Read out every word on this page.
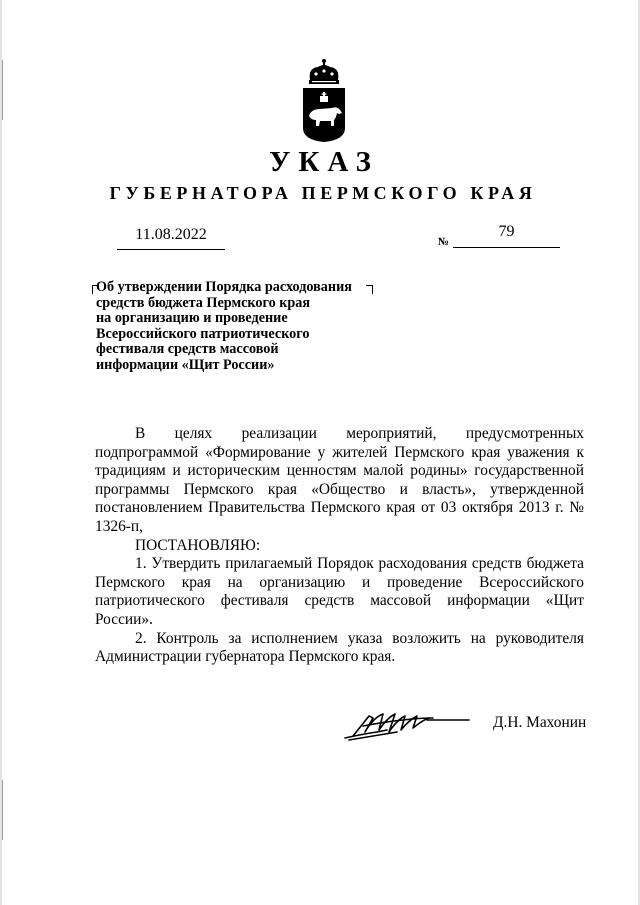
УКАЗ
ГУБЕРНАТОРА ПЕРМСКОГО КРАЯ
11.08.2022	№
79
Об утверждении Порядка расходования
средств бюджета Пермского края
на организацию и проведение
Всероссийского патриотического
фестиваля средств массовой
информации «Щит России»
В целях реализации мероприятий, предусмотренных подпрограммой «Формирование у жителей Пермского края уважения к традициям и историческим ценностям малой родины» государственной программы Пермского края «Общество и власть», утвержденной постановлением Правительства Пермского края от 03 октября 2013 г. № 1326-п,
ПОСТАНОВЛЯЮ:
1. Утвердить прилагаемый Порядок расходования средств бюджета Пермского края на организацию и проведение Всероссийского патриотического фестиваля средств массовой информации «Щит России».
2. Контроль за исполнением указа возложить на руководителя Администрации губернатора Пермского края.
Д.Н. Махонин
